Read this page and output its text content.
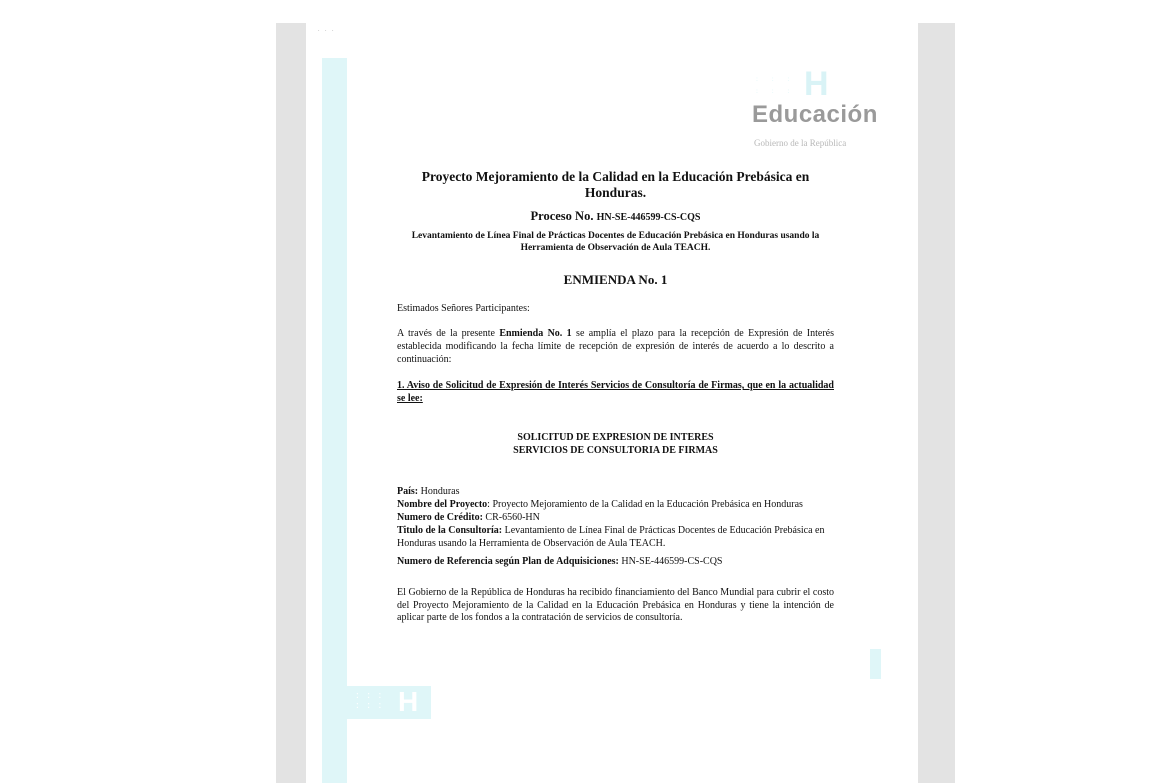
. . .
: : :
: : : H
: : :
: : : H
Educación
Gobierno de la República
Proyecto Mejoramiento de la Calidad en la Educación Prebásica en Honduras.
Proceso No. HN-SE-446599-CS-CQS
Levantamiento de Línea Final de Prácticas Docentes de Educación Prebásica en Honduras usando la Herramienta de Observación de Aula TEACH.
ENMIENDA No. 1
Estimados Señores Participantes:
A través de la presente Enmienda No. 1 se amplía el plazo para la recepción de Expresión de Interés establecida modificando la fecha límite de recepción de expresión de interés de acuerdo a lo descrito a continuación:
1. Aviso de Solicitud de Expresión de Interés Servicios de Consultoría de Firmas, que en la actualidad se lee:
SOLICITUD DE EXPRESION DE INTERES
SERVICIOS DE CONSULTORIA DE FIRMAS
País: Honduras
Nombre del Proyecto: Proyecto Mejoramiento de la Calidad en la Educación Prebásica en Honduras
Numero de Crédito: CR-6560-HN
Titulo de la Consultoría: Levantamiento de Línea Final de Prácticas Docentes de Educación Prebásica en Honduras usando la Herramienta de Observación de Aula TEACH.
Numero de Referencia según Plan de Adquisiciones: HN-SE-446599-CS-CQS
El Gobierno de la República de Honduras ha recibido financiamiento del Banco Mundial para cubrir el costo del Proyecto Mejoramiento de la Calidad en la Educación Prebásica en Honduras y tiene la intención de aplicar parte de los fondos a la contratación de servicios de consultoría.
